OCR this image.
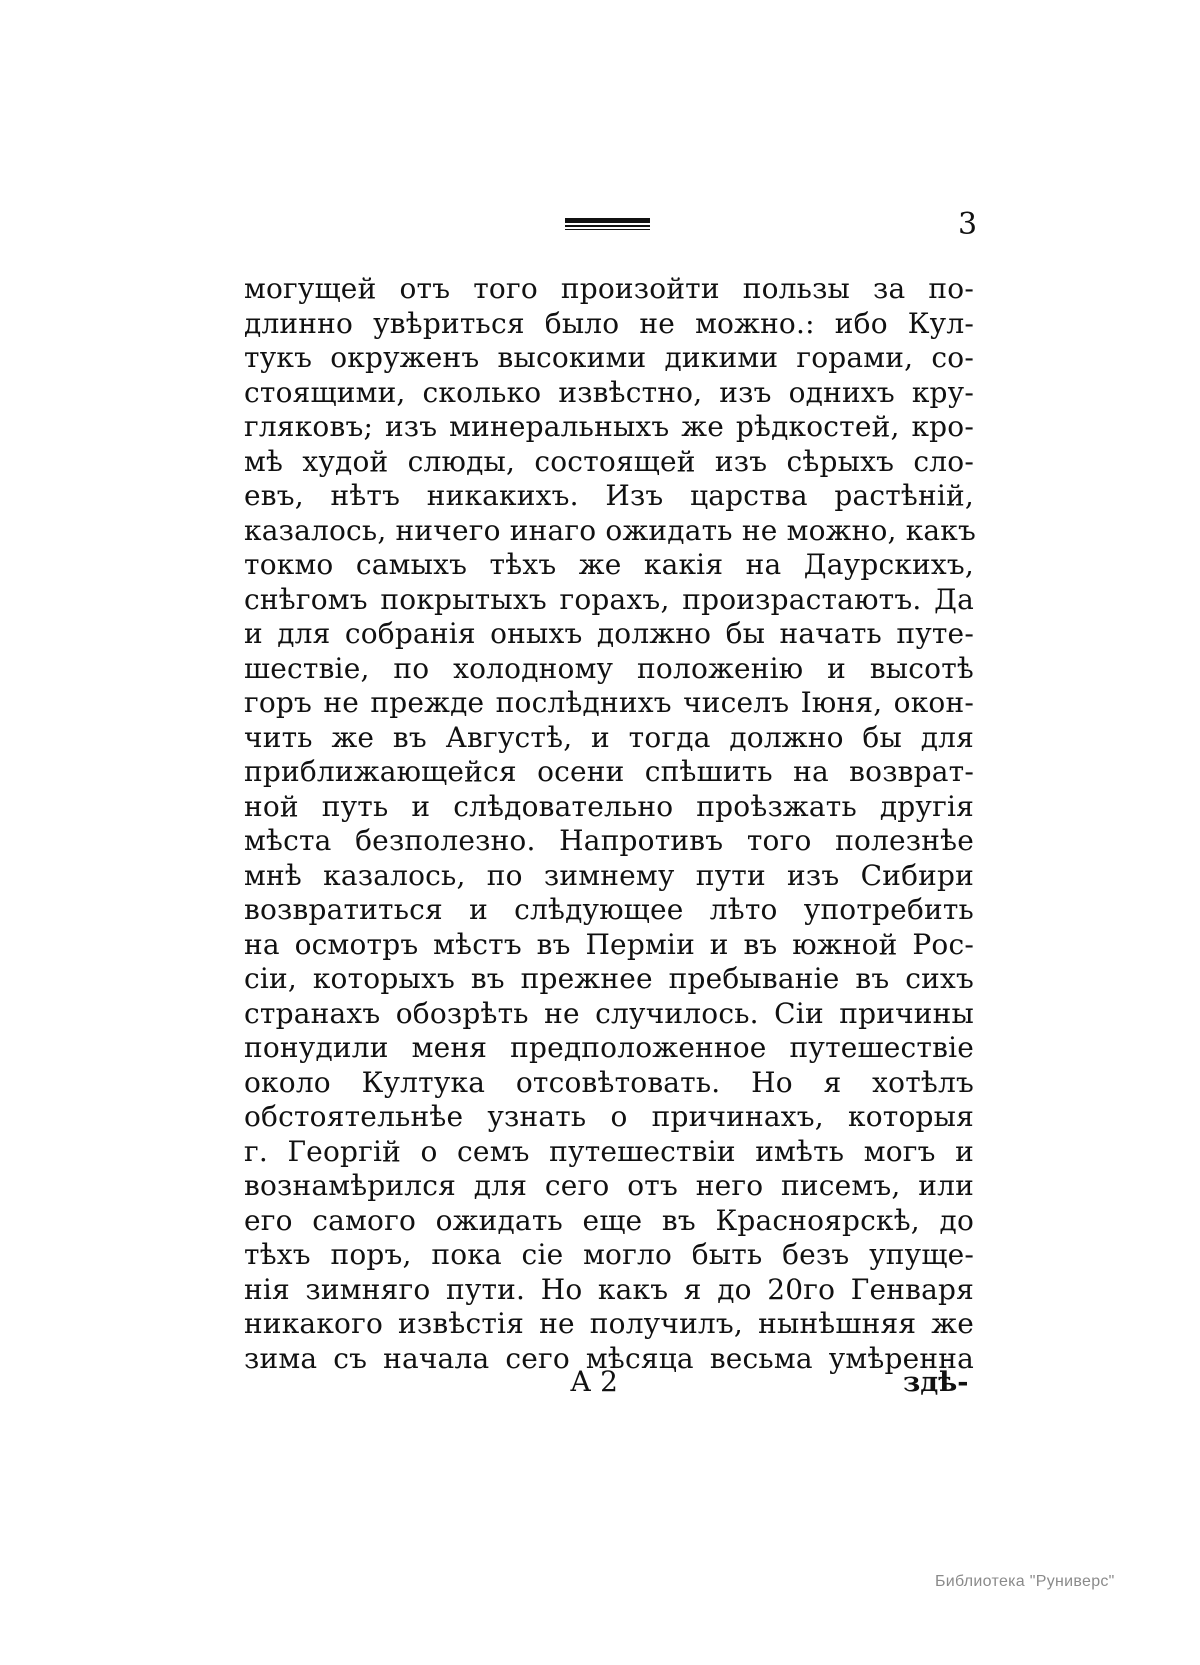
3
могущей отъ того произойти пользы за по-
длинно увѣриться было не можно.: ибо Кул-
тукъ окруженъ высокими дикими горами, со-
стоящими, сколько извѣстно, изъ однихъ кру-
гляковъ; изъ минеральныхъ же рѣдкостей, кро-
мѣ худой слюды, состоящей изъ сѣрыхъ сло-
евъ, нѣтъ никакихъ. Изъ царства растѣній,
казалось, ничего инаго ожидать не можно, какъ
токмо самыхъ тѣхъ же какія на Даурскихъ,
снѣгомъ покрытыхъ горахъ, произрастаютъ. Да
и для собранія оныхъ должно бы начать путе-
шествіе, по холодному положенію и высотѣ
горъ не прежде послѣднихъ чиселъ Іюня, окон-
чить же въ Августѣ, и тогда должно бы для
приближающейся осени спѣшить на возврат-
ной путь и слѣдовательно проѣзжать другія
мѣста безполезно. Напротивъ того полезнѣе
мнѣ казалось, по зимнему пути изъ Сибири
возвратиться и слѣдующее лѣто употребить
на осмотръ мѣстъ въ Перміи и въ южной Рос-
сіи, которыхъ въ прежнее пребываніе въ сихъ
странахъ обозрѣть не случилось. Сіи причины
понудили меня предположенное путешествіе
около Култука отсовѣтовать. Но я хотѣлъ
обстоятельнѣе узнать о причинахъ, которыя
г. Георгій о семъ путешествіи имѣть могъ и
вознамѣрился для сего отъ него писемъ, или
его самого ожидать еще въ Красноярскѣ, до
тѣхъ поръ, пока сіе могло быть безъ упуще-
нія зимняго пути. Но какъ я до 20го Генваря
никакого извѣстія не получилъ, нынѣшняя же
зима съ начала сего мѣсяца весьма умѣренна
А 2	здѣ-
Библиотека "Руниверс"
